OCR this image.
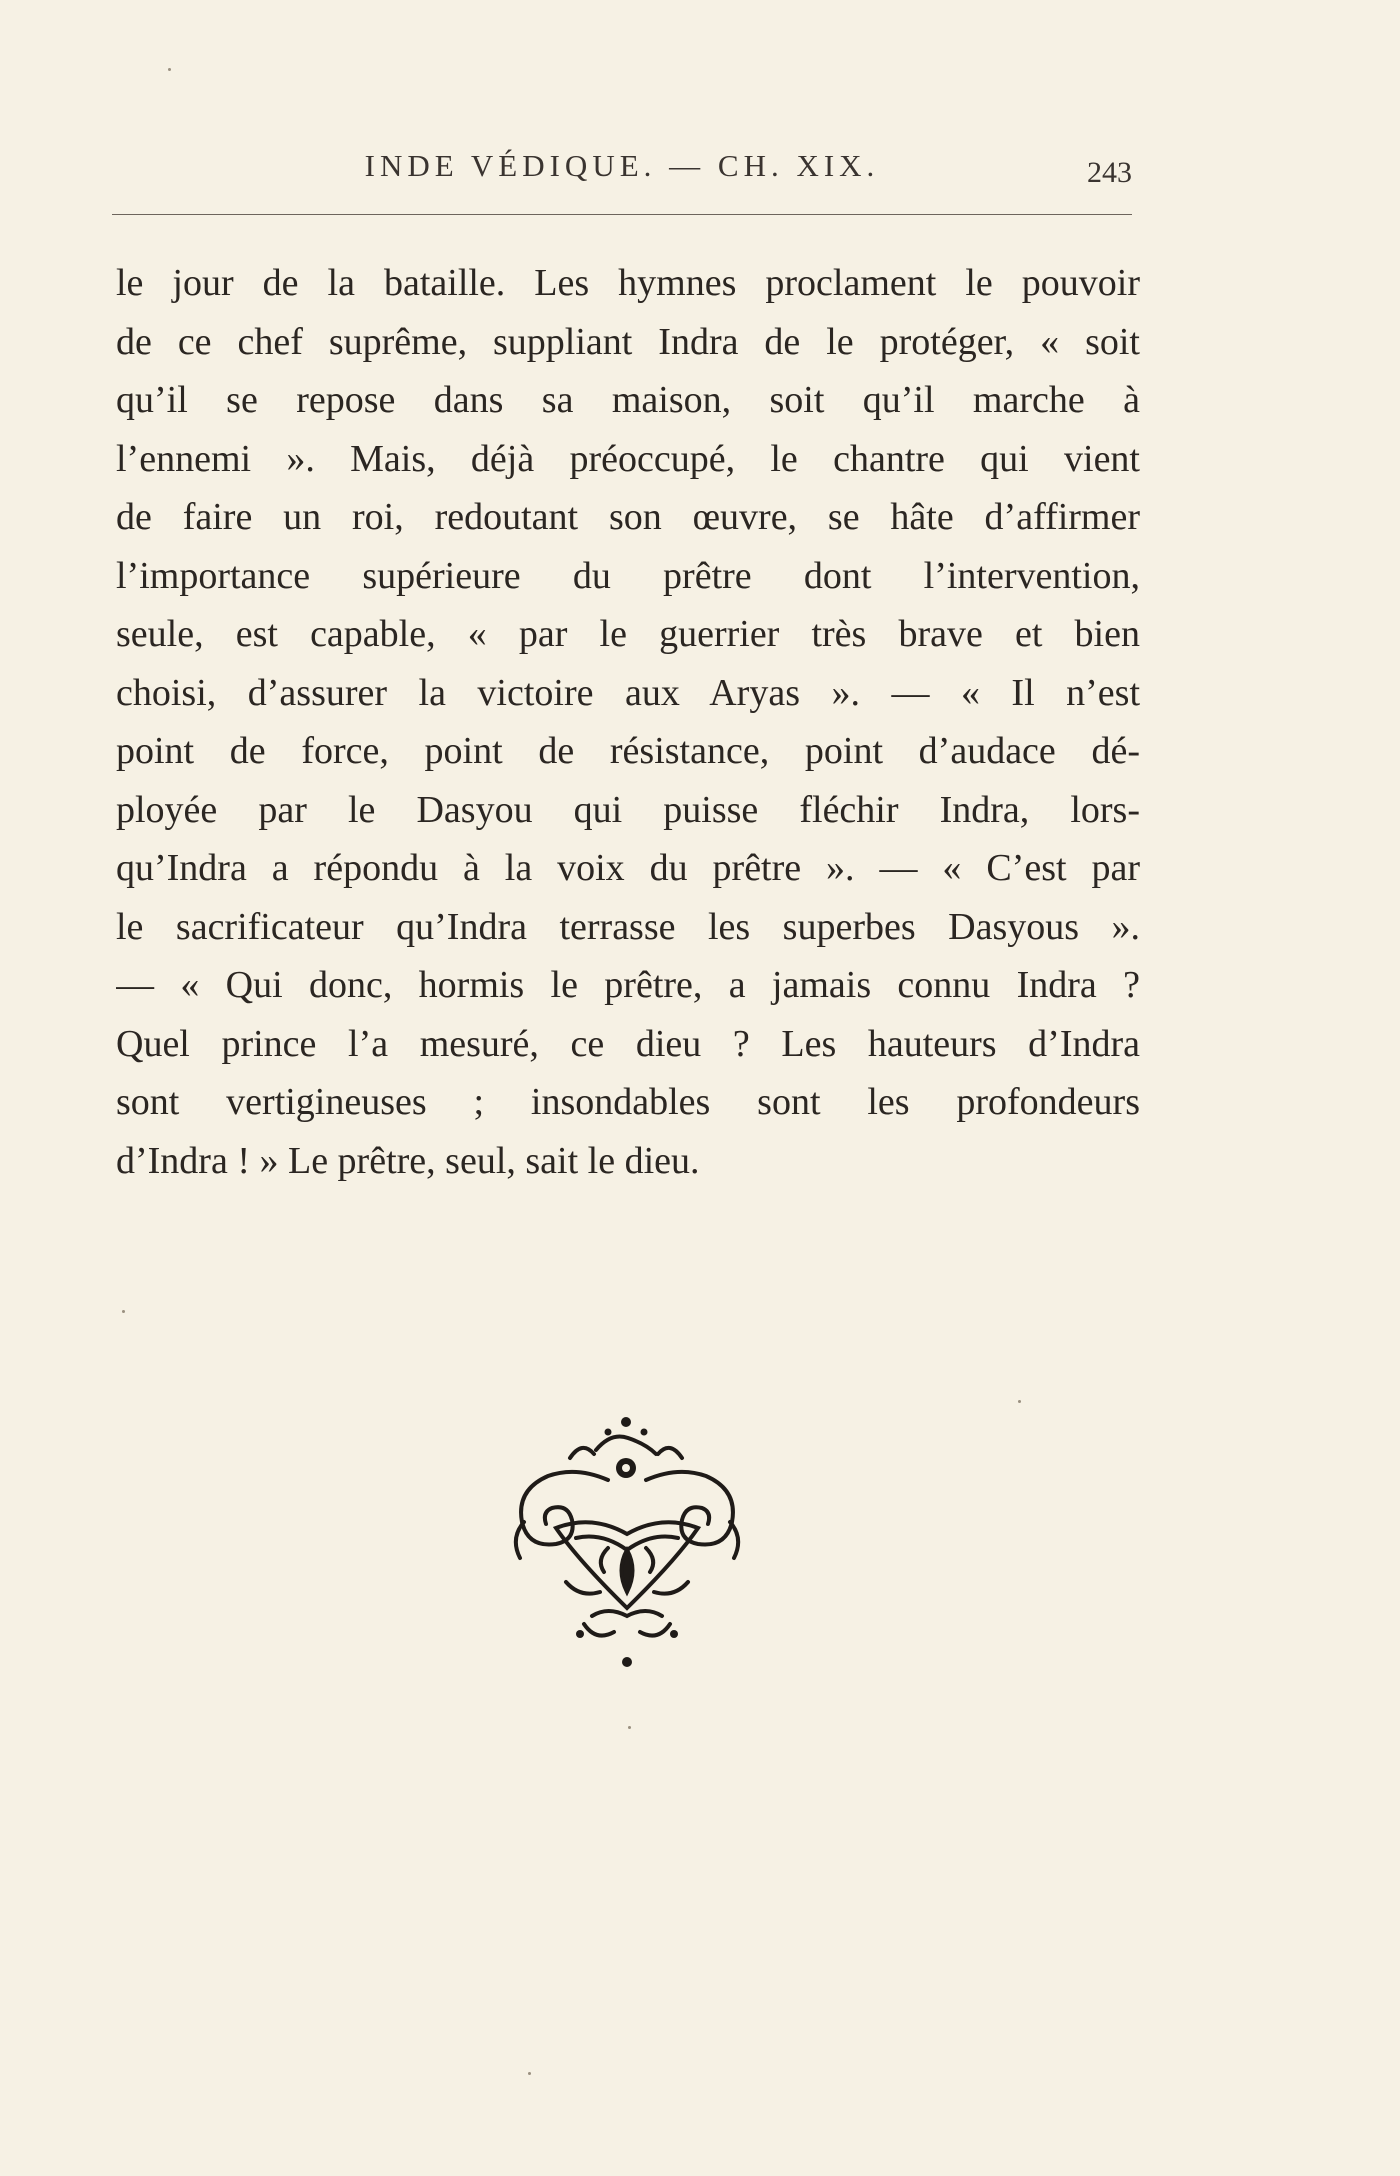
INDE VÉDIQUE. — CH. XIX.	243
le jour de la bataille. Les hymnes proclament le pouvoir
de ce chef suprême, suppliant Indra de le protéger, « soit
qu’il se repose dans sa maison, soit qu’il marche à
l’ennemi ». Mais, déjà préoccupé, le chantre qui vient
de faire un roi, redoutant son œuvre, se hâte d’affirmer
l’importance supérieure du prêtre dont l’intervention,
seule, est capable, « par le guerrier très brave et bien
choisi, d’assurer la victoire aux Aryas ». — « Il n’est
point de force, point de résistance, point d’audace dé-
ployée par le Dasyou qui puisse fléchir Indra, lors-
qu’Indra a répondu à la voix du prêtre ». — « C’est par
le sacrificateur qu’Indra terrasse les superbes Dasyous ».
— « Qui donc, hormis le prêtre, a jamais connu Indra ?
Quel prince l’a mesuré, ce dieu ? Les hauteurs d’Indra
sont vertigineuses ; insondables sont les profondeurs
d’Indra ! » Le prêtre, seul, sait le dieu.
